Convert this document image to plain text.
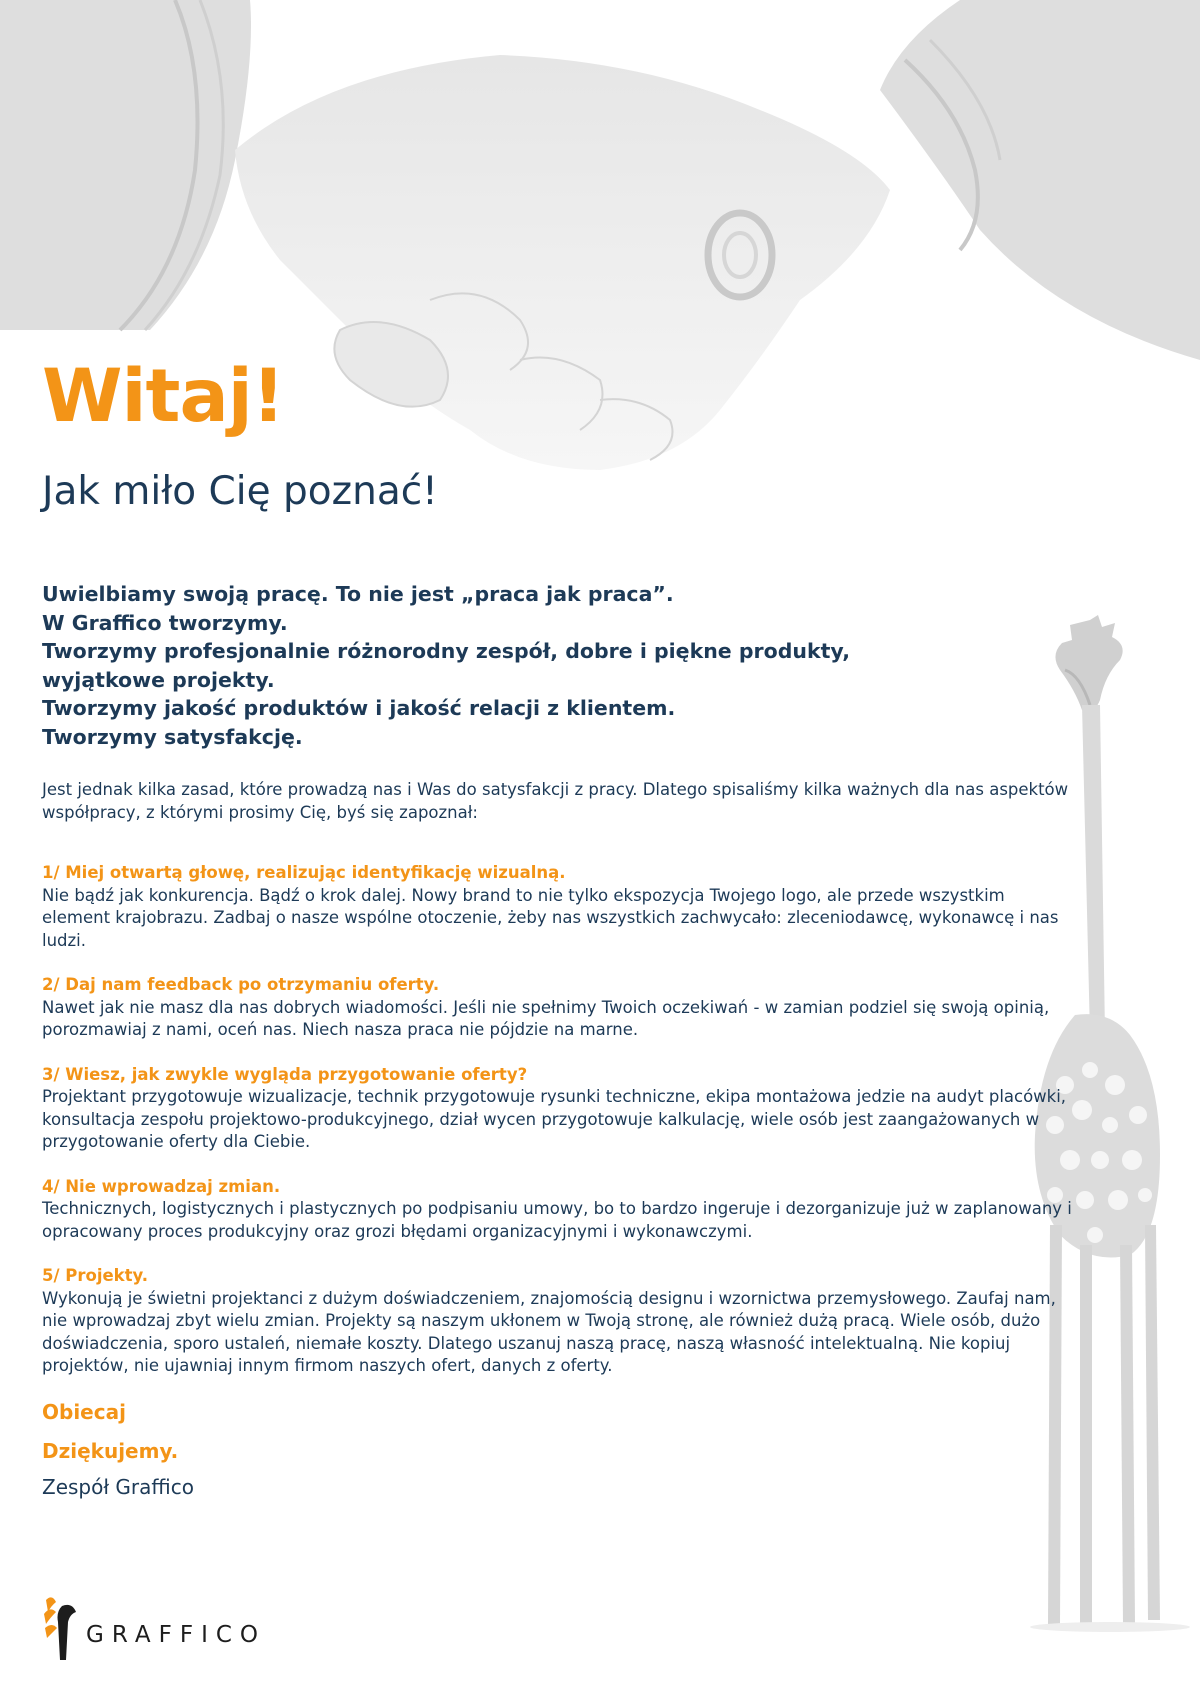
Witaj!
Jak miło Cię poznać!
Uwielbiamy swoją pracę. To nie jest „praca jak praca”.
W Graffico tworzymy.
Tworzymy profesjonalnie różnorodny zespół, dobre i piękne produkty,
wyjątkowe projekty.
Tworzymy jakość produktów i jakość relacji z klientem.
Tworzymy satysfakcję.
Jest jednak kilka zasad, które prowadzą nas i Was do satysfakcji z pracy. Dlatego spisaliśmy kilka ważnych dla nas aspektów współpracy, z którymi prosimy Cię, byś się zapoznał:
1/ Miej otwartą głowę, realizując identyfikację wizualną.
Nie bądź jak konkurencja. Bądź o krok dalej. Nowy brand to nie tylko ekspozycja Twojego logo, ale przede wszystkim element krajobrazu. Zadbaj o nasze wspólne otoczenie, żeby nas wszystkich zachwycało: zleceniodawcę, wykonawcę i nas ludzi.
2/ Daj nam feedback po otrzymaniu oferty.
Nawet jak nie masz dla nas dobrych wiadomości. Jeśli nie spełnimy Twoich oczekiwań - w zamian podziel się swoją opinią, porozmawiaj z nami, oceń nas. Niech nasza praca nie pójdzie na marne.
3/ Wiesz, jak zwykle wygląda przygotowanie oferty?
Projektant przygotowuje wizualizacje, technik przygotowuje rysunki techniczne, ekipa montażowa jedzie na audyt placówki, konsultacja zespołu projektowo-produkcyjnego, dział wycen przygotowuje kalkulację, wiele osób jest zaangażowanych w przygotowanie oferty dla Ciebie.
4/ Nie wprowadzaj zmian.
Technicznych, logistycznych i plastycznych po podpisaniu umowy, bo to bardzo ingeruje i dezorganizuje już w zaplanowany i opracowany proces produkcyjny oraz grozi błędami organizacyjnymi i wykonawczymi.
5/ Projekty.
Wykonują je świetni projektanci z dużym doświadczeniem, znajomością designu i wzornictwa przemysłowego. Zaufaj nam, nie wprowadzaj zbyt wielu zmian. Projekty są naszym ukłonem w Twoją stronę, ale również dużą pracą. Wiele osób, dużo doświadczenia, sporo ustaleń, niemałe koszty. Dlatego uszanuj naszą pracę, naszą własność intelektualną. Nie kopiuj projektów, nie ujawniaj innym firmom naszych ofert, danych z oferty.
Obiecaj
Dziękujemy.
Zespół Graffico
GRAFFICO
